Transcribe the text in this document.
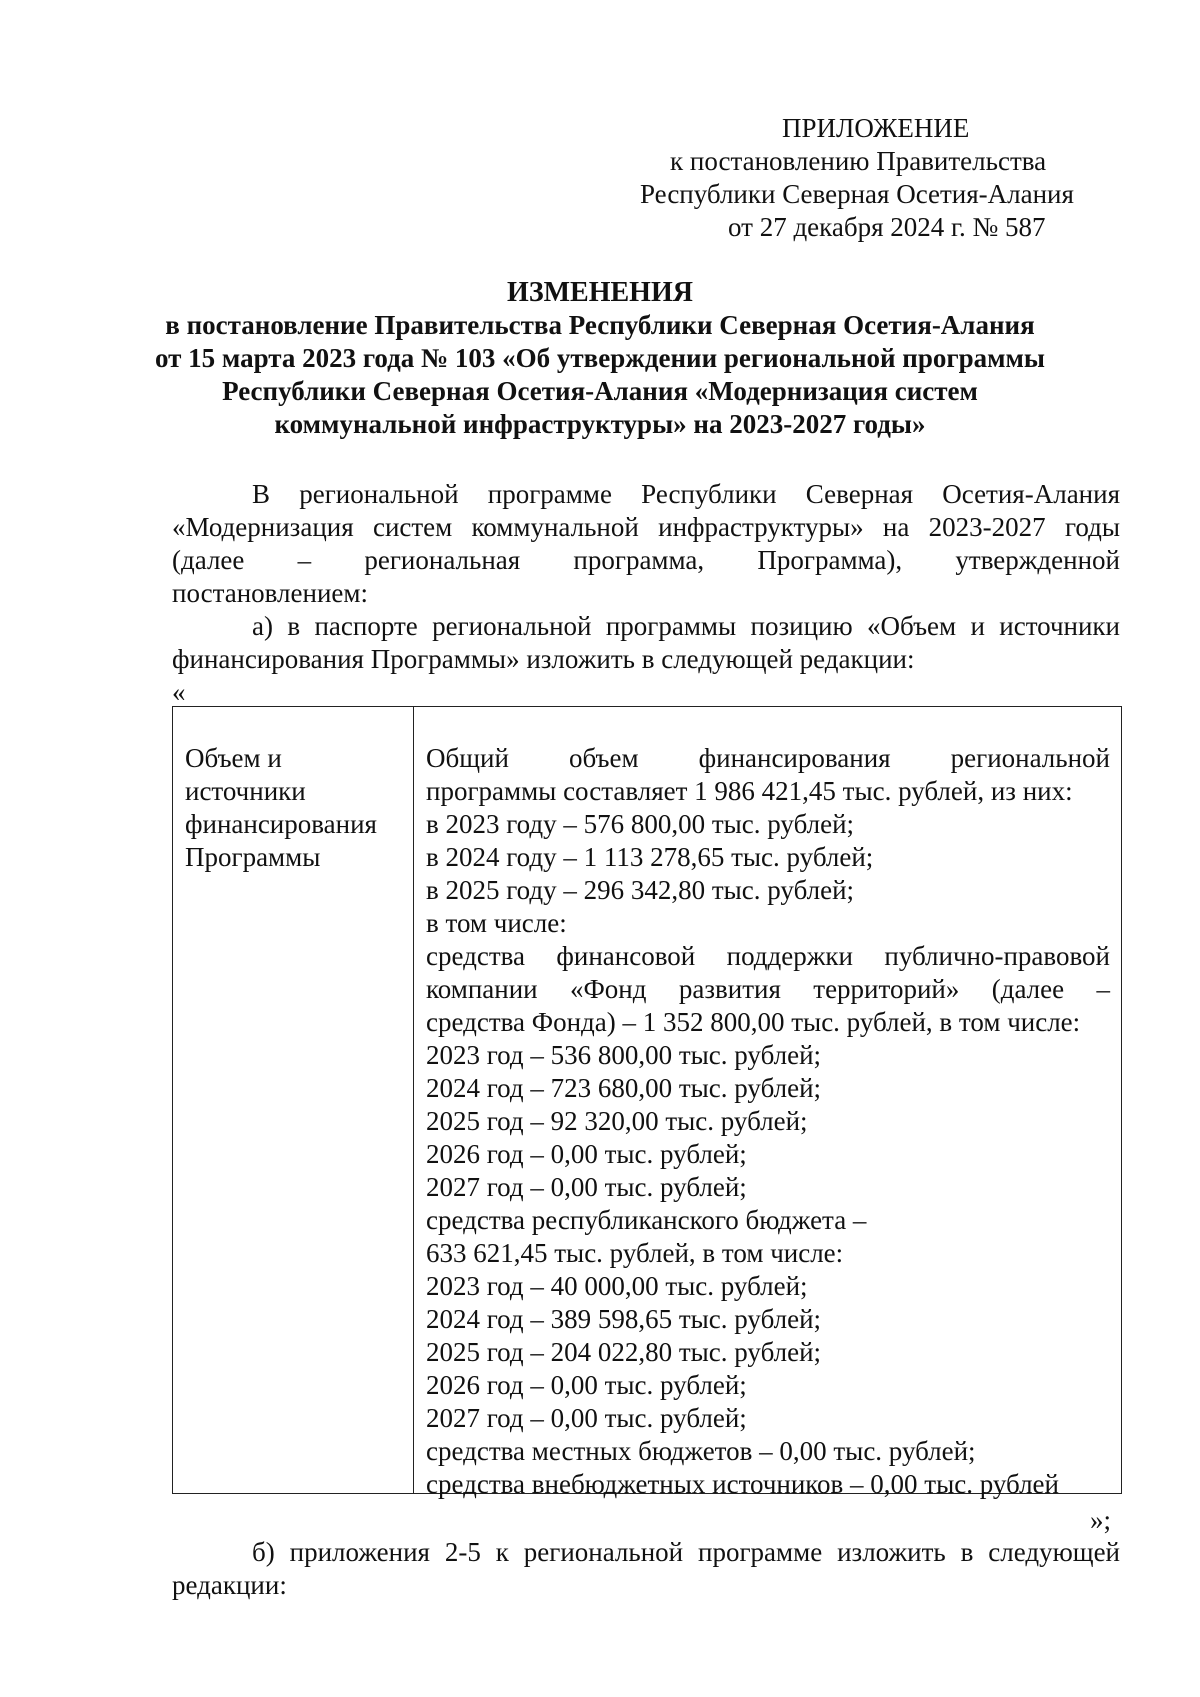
ПРИЛОЖЕНИЕ
к постановлению Правительства
Республики Северная Осетия-Алания
от 27 декабря 2024 г. № 587
ИЗМЕНЕНИЯ
в постановление Правительства Республики Северная Осетия-Алания
от 15 марта 2023 года № 103 «Об утверждении региональной программы
Республики Северная Осетия-Алания «Модернизация систем
коммунальной инфраструктуры» на 2023-2027 годы»
В региональной программе Республики Северная Осетия-Алания
«Модернизация систем коммунальной инфраструктуры» на 2023-2027 годы
(далее – региональная программа, Программа), утвержденной
постановлением:
а) в паспорте региональной программы позицию «Объем и источники
финансирования Программы» изложить в следующей редакции:
«
Объем и
источники
финансирования
Программы
Общий объем финансирования региональной
программы составляет 1 986 421,45 тыс. рублей, из них:
в 2023 году – 576 800,00 тыс. рублей;
в 2024 году – 1 113 278,65 тыс. рублей;
в 2025 году – 296 342,80 тыс. рублей;
в том числе:
средства финансовой поддержки публично-правовой
компании «Фонд развития территорий» (далее –
средства Фонда) – 1 352 800,00 тыс. рублей, в том числе:
2023 год – 536 800,00 тыс. рублей;
2024 год – 723 680,00 тыс. рублей;
2025 год – 92 320,00 тыс. рублей;
2026 год – 0,00 тыс. рублей;
2027 год – 0,00 тыс. рублей;
средства республиканского бюджета –
633 621,45 тыс. рублей, в том числе:
2023 год – 40 000,00 тыс. рублей;
2024 год – 389 598,65 тыс. рублей;
2025 год – 204 022,80 тыс. рублей;
2026 год – 0,00 тыс. рублей;
2027 год – 0,00 тыс. рублей;
средства местных бюджетов – 0,00 тыс. рублей;
средства внебюджетных источников – 0,00 тыс. рублей
»;
б) приложения 2-5 к региональной программе изложить в следующей
редакции:
